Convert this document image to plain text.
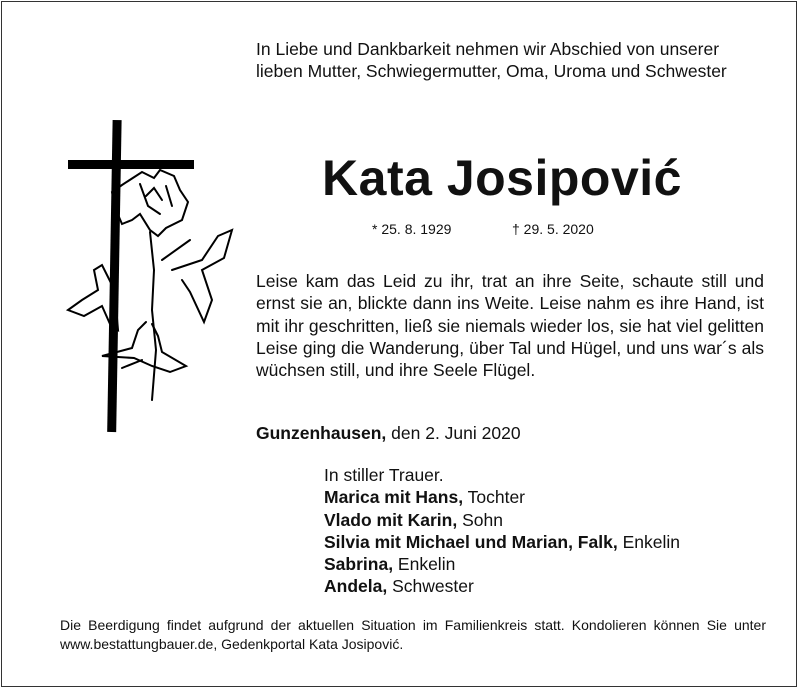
In Liebe und Dankbarkeit nehmen wir Abschied von unserer lieben Mutter, Schwiegermutter, Oma, Uroma und Schwester
Kata Josipović
* 25. 8. 1929	† 29. 5. 2020
Leise kam das Leid zu ihr, trat an ihre Seite, schaute still und ernst sie an, blickte dann ins Weite. Leise nahm es ihre Hand, ist mit ihr geschritten, ließ sie niemals wieder los, sie hat viel gelitten Leise ging die Wanderung, über Tal und Hügel, und uns war´s als wüchsen still, und ihre Seele Flügel.
Gunzenhausen, den 2. Juni 2020
In stiller Trauer.
Marica mit Hans, Tochter
Vlado mit Karin, Sohn
Silvia mit Michael und Marian, Falk, Enkelin
Sabrina, Enkelin
Andela, Schwester
Die Beerdigung findet aufgrund der aktuellen Situation im Familienkreis statt. Kondolieren können Sie unter www.bestattungbauer.de, Gedenkportal Kata Josipović.
